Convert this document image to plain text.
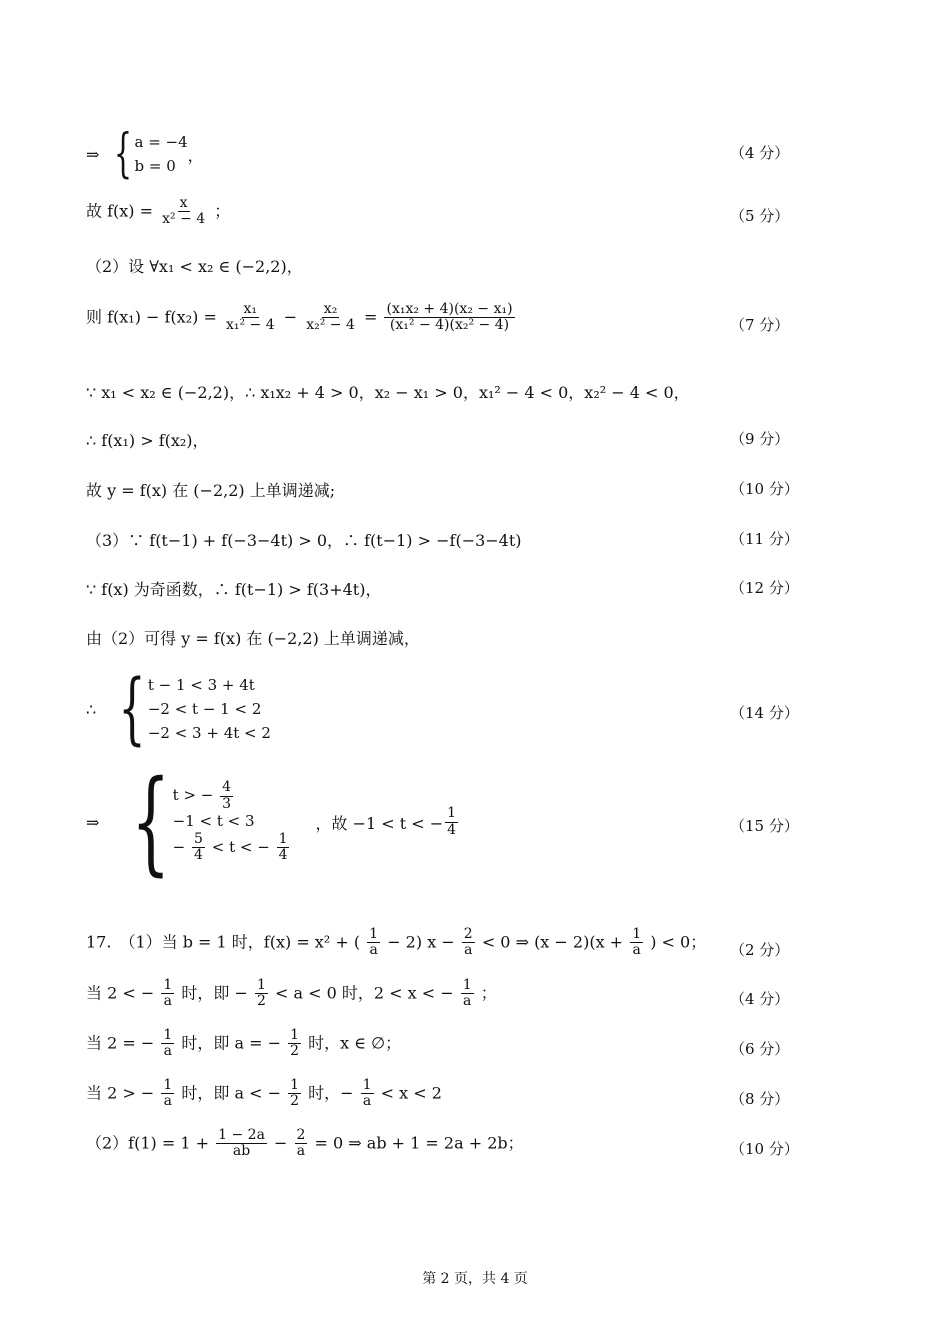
⇒ { a = −4
b = 0
，	（4 分）
故 $f(x) = \frac{x}{\text{x² − 4}}$ ；	（5 分）
（2）设 ∀x₁ < x₂ ∈ (−2,2)，
则 $f(x_1) - f(x_2) = \frac{\text{x₁}}{\text{x₁² − 4}} - \frac{\text{x₂}}{\text{x₂² − 4}} = \frac{\text{(x₁x₂ + 4)(x₂ − x₁)}}{\text{(x₁² − 4)(x₂² − 4)}}$	（7 分）
∵ x₁ < x₂ ∈ (−2,2)，∴ x₁x₂ + 4 > 0，x₂ − x₁ > 0，x₁² − 4 < 0，x₂² − 4 < 0，
∴ f(x₁) > f(x₂)，	（9 分）
故 y = f(x) 在 (−2,2) 上单调递减;	（10 分）
（3）∵ f(t−1) + f(−3−4t) > 0，∴ f(t−1) > −f(−3−4t)	（11 分）
∵ f(x) 为奇函数，∴ f(t−1) > f(3+4t)，	（12 分）
由（2）可得 y = f(x) 在 (−2,2) 上单调递减，
∴ { t − 1 < 3 + 4t
−2 < t − 1 < 2
−2 < 3 + 4t < 2
（14 分）
⇒ { t > − $\frac{4}{3}$
−1 < t < 3
− $\frac{5}{4} < t$ < − $\frac{1}{4}$
，故 −1 < t < − $\frac{1}{4}$	（15 分）
17.　（1）当 b = 1 时，f(x) = x² + ( $\frac{1}{a} - 2$) $x - \frac{2}{a} < 0$ ⇒ $(x - 2)(x + \frac{1}{a}$ ) < 0； （2 分）
当 2 < − $\frac{1}{a}$ 时，即 − $\frac{1}{2} < a < 0$ 时，2 < x < − $\frac{1}{a}$ ；	（4 分）
当 2 = − $\frac{1}{a}$ 时，即 a = − $\frac{1}{2}$ 时，x ∈ ∅；	（6 分）
当 2 > − $\frac{1}{a}$ 时，即 a < − $\frac{1}{2}$ 时，− $\frac{1}{a} < x < 2$	（8 分）
$(2)f(1) = 1 + \frac{1 - 2a}{ab} - \frac{2}{a} = 0$ ⇒ ab + 1 = 2a + 2b；	（10 分）
第 2 页，共 4 页
